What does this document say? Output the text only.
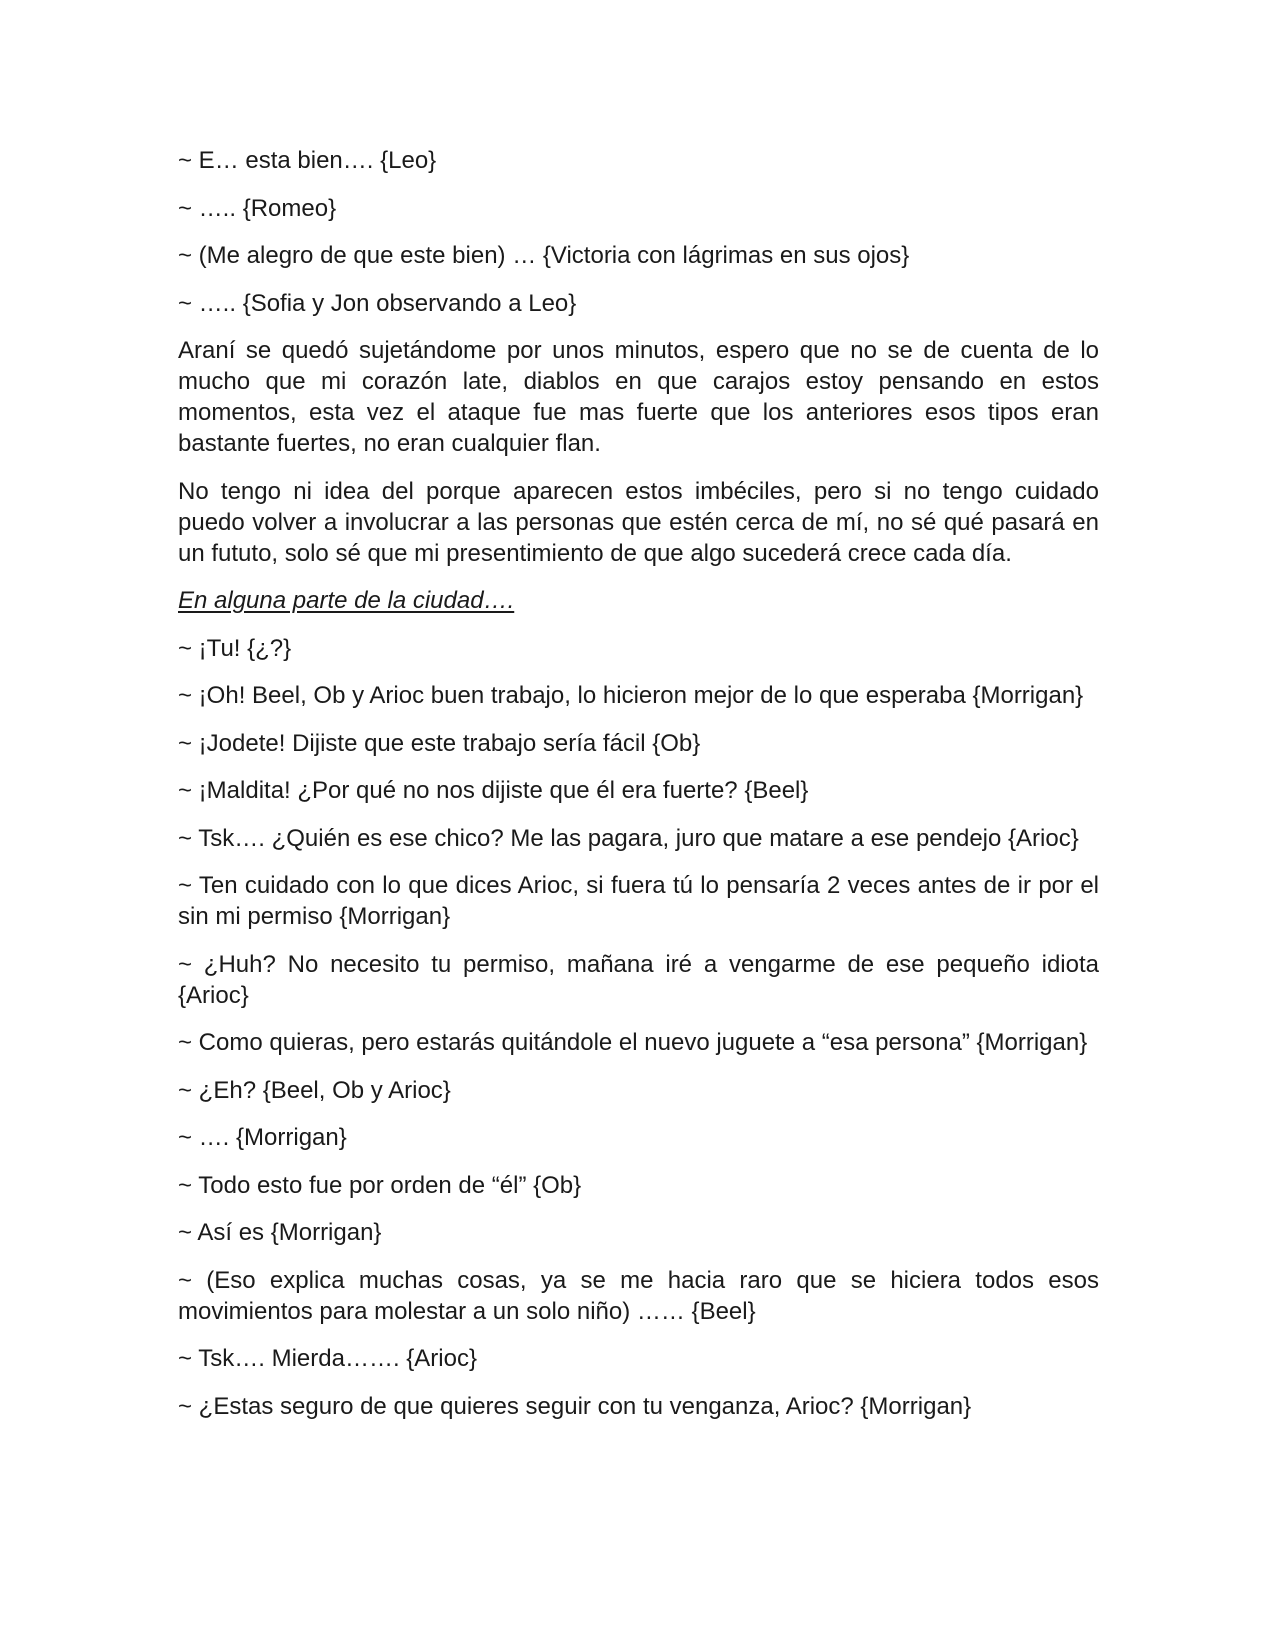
~ E… esta bien…. {Leo}

~ ….. {Romeo}

~ (Me alegro de que este bien) … {Victoria con lágrimas en sus ojos}

~ ….. {Sofia y Jon observando a Leo}

Araní se quedó sujetándome por unos minutos, espero que no se de cuenta de lo mucho que mi corazón late, diablos en que carajos estoy pensando en estos momentos, esta vez el ataque fue mas fuerte que los anteriores esos tipos eran bastante fuertes, no eran cualquier flan.

No tengo ni idea del porque aparecen estos imbéciles, pero si no tengo cuidado puedo volver a involucrar a las personas que estén cerca de mí, no sé qué pasará en un fututo, solo sé que mi presentimiento de que algo sucederá crece cada día.

En alguna parte de la ciudad….

~ ¡Tu! {¿?}

~ ¡Oh! Beel, Ob y Arioc buen trabajo, lo hicieron mejor de lo que esperaba {Morrigan}

~ ¡Jodete! Dijiste que este trabajo sería fácil {Ob}

~ ¡Maldita! ¿Por qué no nos dijiste que él era fuerte? {Beel}

~ Tsk…. ¿Quién es ese chico? Me las pagara, juro que matare a ese pendejo {Arioc}

~ Ten cuidado con lo que dices Arioc, si fuera tú lo pensaría 2 veces antes de ir por el sin mi permiso {Morrigan}

~ ¿Huh? No necesito tu permiso, mañana iré a vengarme de ese pequeño idiota {Arioc}

~ Como quieras, pero estarás quitándole el nuevo juguete a “esa persona” {Morrigan}

~ ¿Eh? {Beel, Ob y Arioc}

~ …. {Morrigan}

~ Todo esto fue por orden de “él” {Ob}

~ Así es {Morrigan}

~ (Eso explica muchas cosas, ya se me hacia raro que se hiciera todos esos movimientos para molestar a un solo niño) …… {Beel}

~ Tsk…. Mierda……. {Arioc}

~ ¿Estas seguro de que quieres seguir con tu venganza, Arioc? {Morrigan}
